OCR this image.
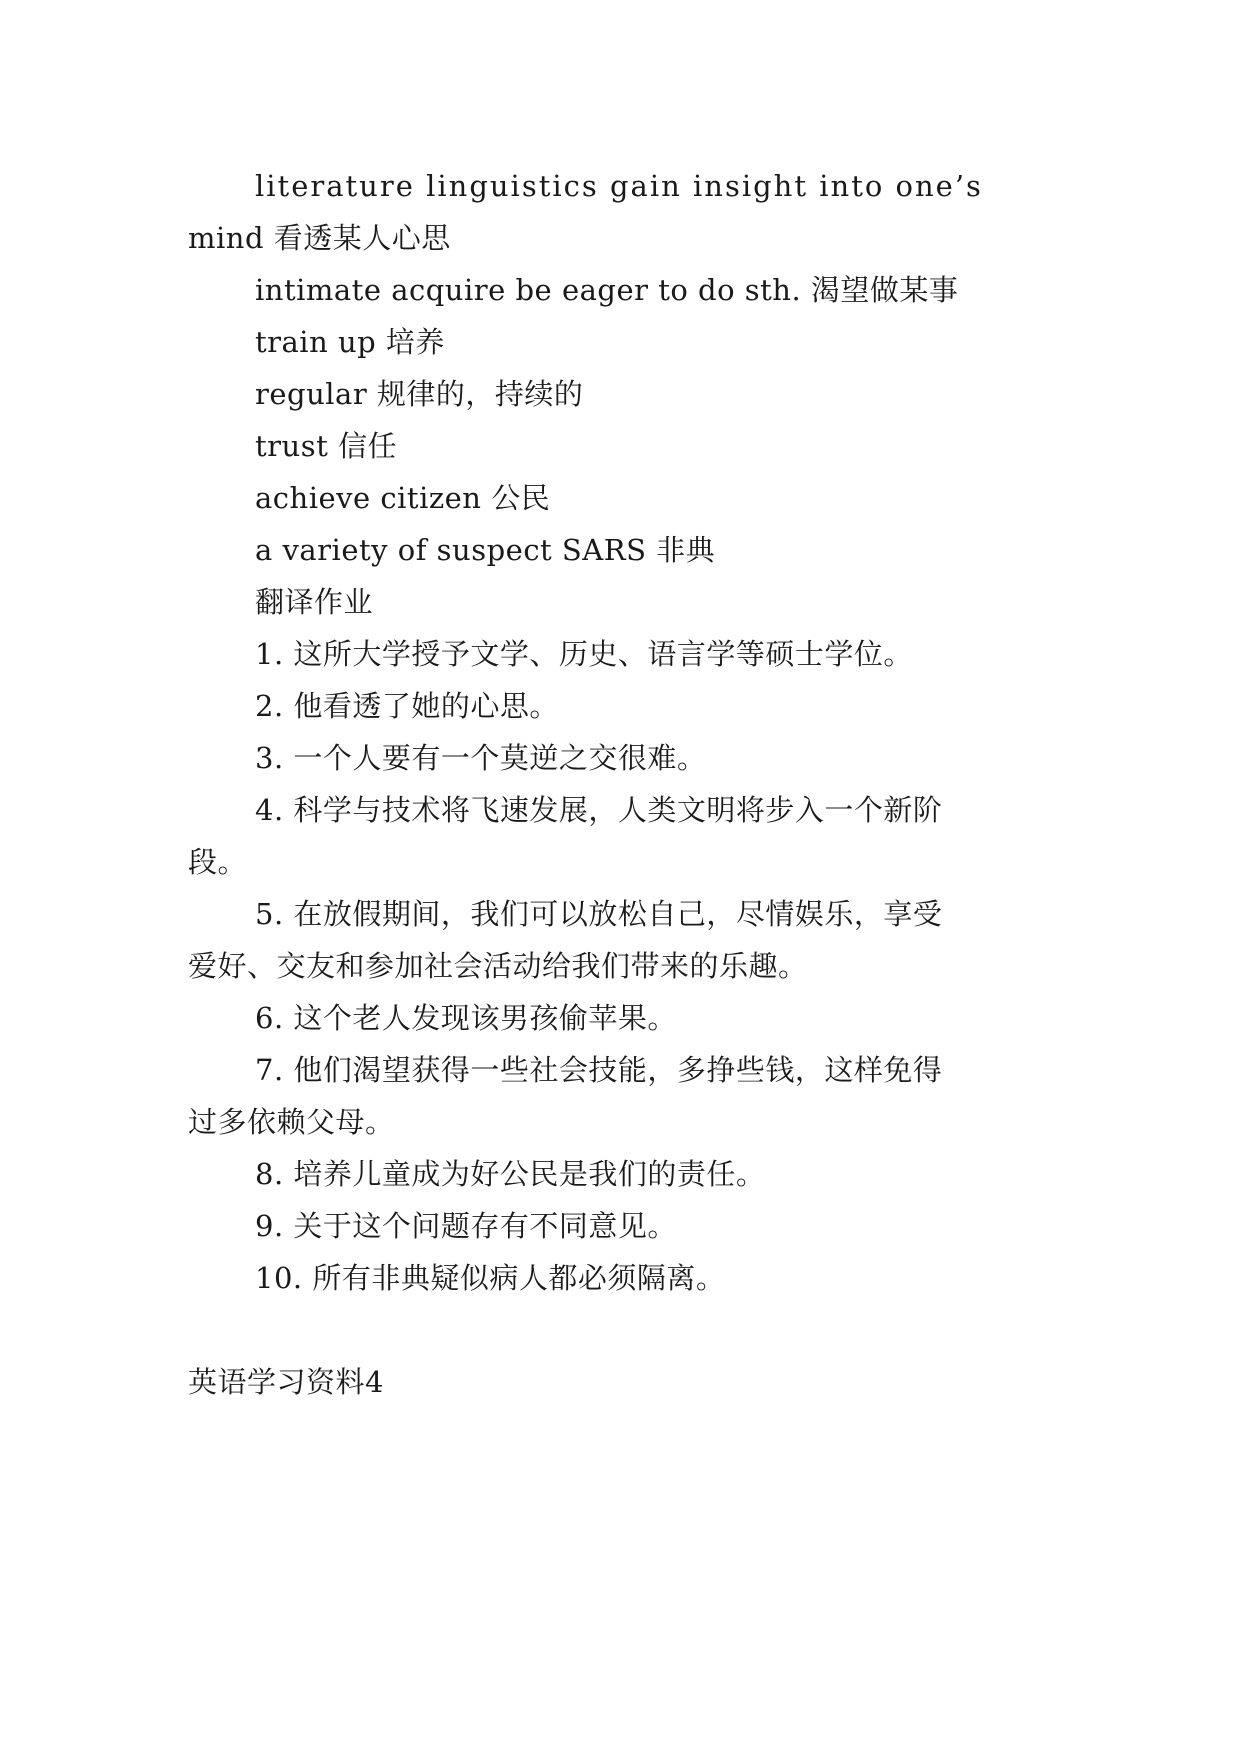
literature linguistics gain insight into one’s
mind 看透某人心思
intimate acquire be eager to do sth. 渴望做某事
train up 培养
regular 规律的，持续的
trust 信任
achieve citizen 公民
a variety of suspect SARS 非典
翻译作业
1. 这所大学授予文学、历史、语言学等硕士学位。
2. 他看透了她的心思。
3. 一个人要有一个莫逆之交很难。
4. 科学与技术将飞速发展，人类文明将步入一个新阶
段。
5. 在放假期间，我们可以放松自己，尽情娱乐，享受
爱好、交友和参加社会活动给我们带来的乐趣。
6. 这个老人发现该男孩偷苹果。
7. 他们渴望获得一些社会技能，多挣些钱，这样免得
过多依赖父母。
8. 培养儿童成为好公民是我们的责任。
9. 关于这个问题存有不同意见。
10. 所有非典疑似病人都必须隔离。
英语学习资料4
